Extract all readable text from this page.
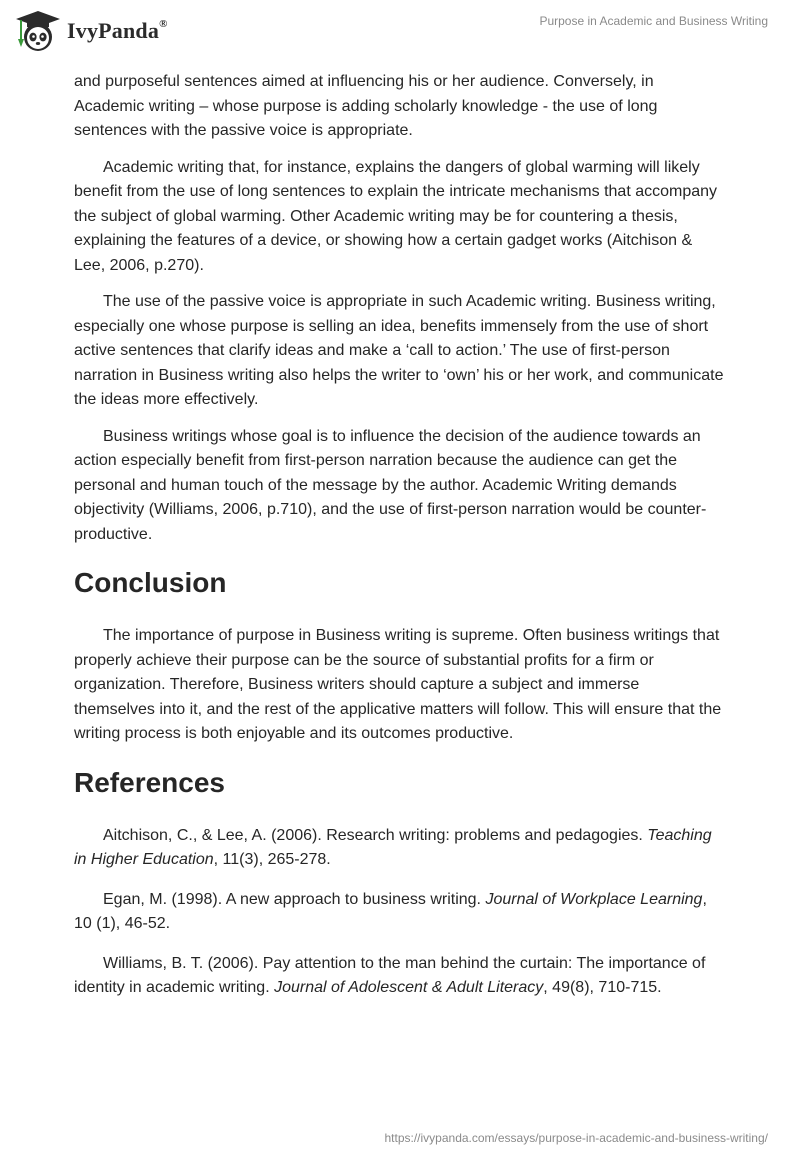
IvyPanda®	Purpose in Academic and Business Writing

and purposeful sentences aimed at influencing his or her audience. Conversely, in Academic writing – whose purpose is adding scholarly knowledge - the use of long sentences with the passive voice is appropriate.

Academic writing that, for instance, explains the dangers of global warming will likely benefit from the use of long sentences to explain the intricate mechanisms that accompany the subject of global warming. Other Academic writing may be for countering a thesis, explaining the features of a device, or showing how a certain gadget works (Aitchison & Lee, 2006, p.270).

The use of the passive voice is appropriate in such Academic writing. Business writing, especially one whose purpose is selling an idea, benefits immensely from the use of short active sentences that clarify ideas and make a ‘call to action.’ The use of first-person narration in Business writing also helps the writer to ‘own’ his or her work, and communicate the ideas more effectively.

Business writings whose goal is to influence the decision of the audience towards an action especially benefit from first-person narration because the audience can get the personal and human touch of the message by the author. Academic Writing demands objectivity (Williams, 2006, p.710), and the use of first-person narration would be counter-productive.

Conclusion

The importance of purpose in Business writing is supreme. Often business writings that properly achieve their purpose can be the source of substantial profits for a firm or organization. Therefore, Business writers should capture a subject and immerse themselves into it, and the rest of the applicative matters will follow. This will ensure that the writing process is both enjoyable and its outcomes productive.

References

Aitchison, C., & Lee, A. (2006). Research writing: problems and pedagogies. Teaching in Higher Education, 11(3), 265-278.

Egan, M. (1998). A new approach to business writing. Journal of Workplace Learning, 10 (1), 46-52.

Williams, B. T. (2006). Pay attention to the man behind the curtain: The importance of identity in academic writing. Journal of Adolescent & Adult Literacy, 49(8), 710-715.

https://ivypanda.com/essays/purpose-in-academic-and-business-writing/
